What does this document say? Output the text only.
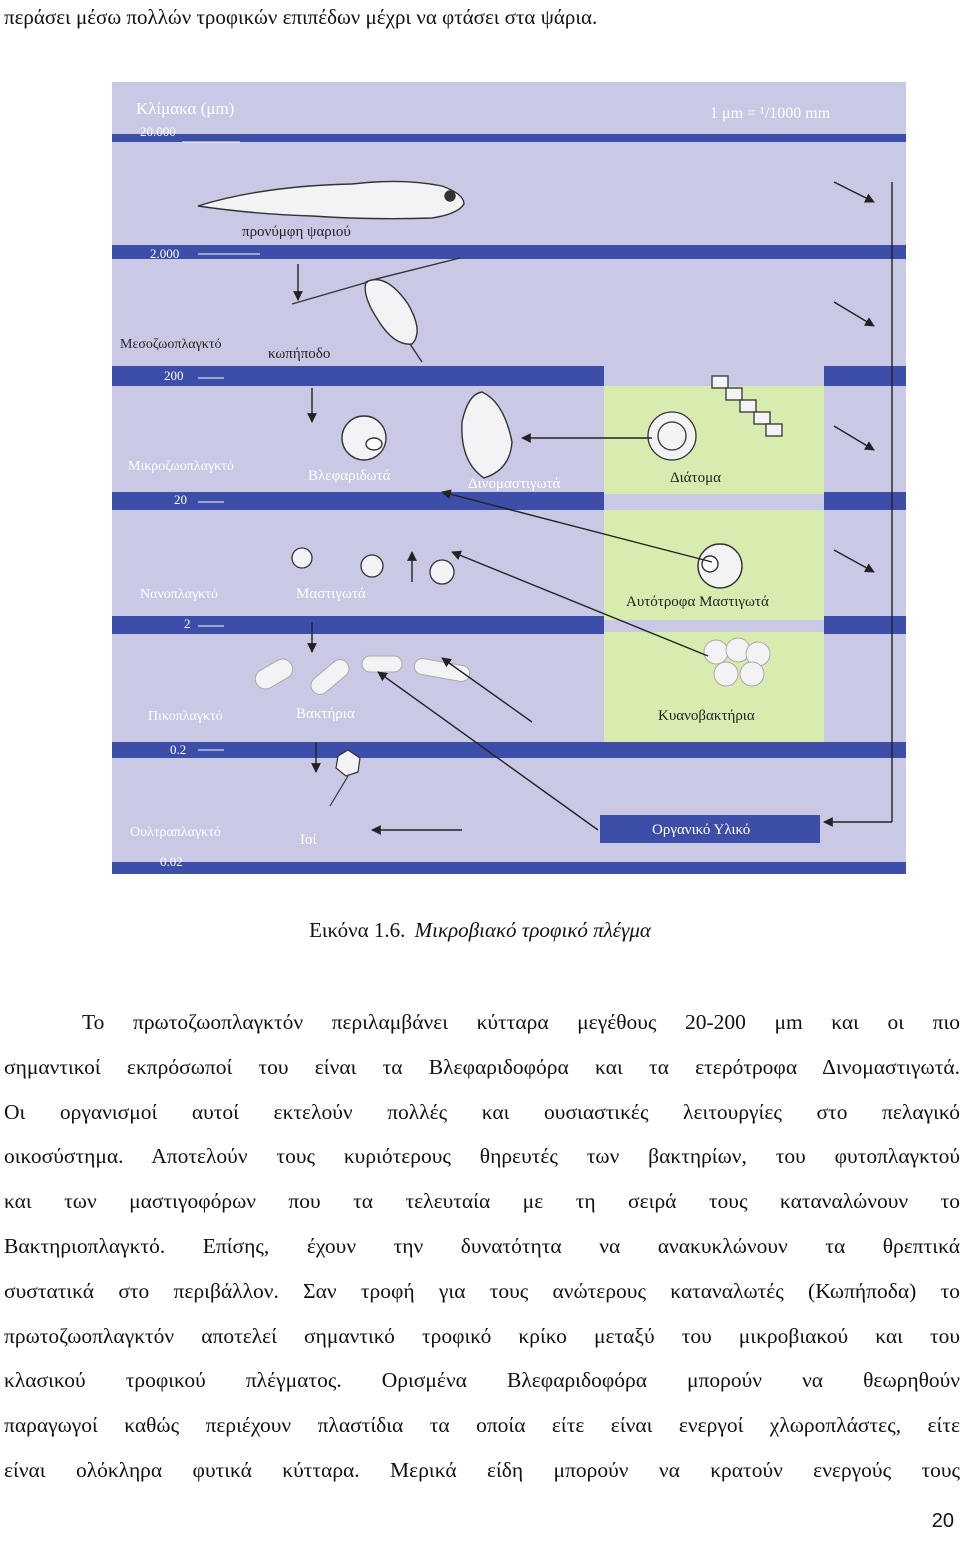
περάσει μέσω πολλών τροφικών επιπέδων μέχρι να φτάσει στα ψάρια.
Κλίμακα (μm)	1 μm = ¹/1000 mm
20.000
2.000
200
20
2
0.2
0.02
Μεσοζωοπλαγκτό
Μικροζωοπλαγκτό
Νανοπλαγκτό
Πικοπλαγκτό
Ουλτραπλαγκτό
προνύμφη ψαριού
κωπήποδο
Βλεφαριδωτά	Δινομαστιγωτά	Διάτομα
Μαστιγωτά	Αυτότροφα Μαστιγωτά
Βακτήρια	Κυανοβακτήρια
Ιοί
Οργανικό Υλικό
Εικόνα 1.6. Μικροβιακό τροφικό πλέγμα
Το πρωτοζωοπλαγκτόν περιλαμβάνει κύτταρα μεγέθους 20-200 μm και οι πιο
σημαντικοί εκπρόσωποί του είναι τα Βλεφαριδοφόρα και τα ετερότροφα Δινομαστιγωτά.
Οι οργανισμοί αυτοί εκτελούν πολλές και ουσιαστικές λειτουργίες στο πελαγικό
οικοσύστημα. Αποτελούν τους κυριότερους θηρευτές των βακτηρίων, του φυτοπλαγκτού
και των μαστιγοφόρων που τα τελευταία με τη σειρά τους καταναλώνουν το
Βακτηριοπλαγκτό. Επίσης, έχουν την δυνατότητα να ανακυκλώνουν τα θρεπτικά
συστατικά στο περιβάλλον. Σαν τροφή για τους ανώτερους καταναλωτές (Κωπήποδα) το
πρωτοζωοπλαγκτόν αποτελεί σημαντικό τροφικό κρίκο μεταξύ του μικροβιακού και του
κλασικού τροφικού πλέγματος. Ορισμένα Βλεφαριδοφόρα μπορούν να θεωρηθούν
παραγωγοί καθώς περιέχουν πλαστίδια τα οποία είτε είναι ενεργοί χλωροπλάστες, είτε
είναι ολόκληρα φυτικά κύτταρα. Μερικά είδη μπορούν να κρατούν ενεργούς τους
20
